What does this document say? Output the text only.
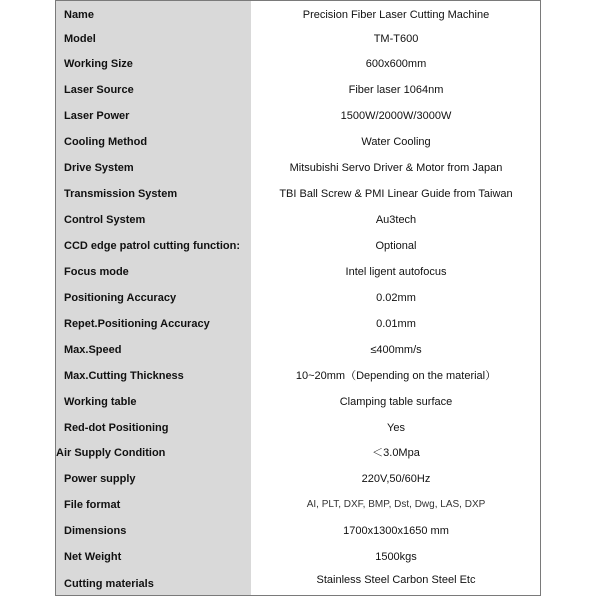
Name	Precision Fiber Laser Cutting Machine
Model	TM-T600
Working Size	600x600mm
Laser Source	Fiber laser 1064nm
Laser Power	1500W/2000W/3000W
Cooling Method	Water Cooling
Drive System	Mitsubishi Servo Driver & Motor from Japan
Transmission System	TBI Ball Screw & PMI Linear Guide from Taiwan
Control System	Au3tech
CCD edge patrol cutting function:	Optional
Focus mode	Intel ligent autofocus
Positioning Accuracy	0.02mm
Repet.Positioning Accuracy	0.01mm
Max.Speed	≤400mm/s
Max.Cutting Thickness	10~20mm（Depending on the material）
Working table	Clamping table surface
Red-dot Positioning	Yes
Air Supply Condition	＜3.0Mpa
Power supply	220V,50/60Hz
File format	AI, PLT, DXF, BMP, Dst, Dwg, LAS, DXP
Dimensions	1700x1300x1650 mm
Net Weight	1500kgs
Cutting materials	Stainless Steel Carbon Steel Etc
